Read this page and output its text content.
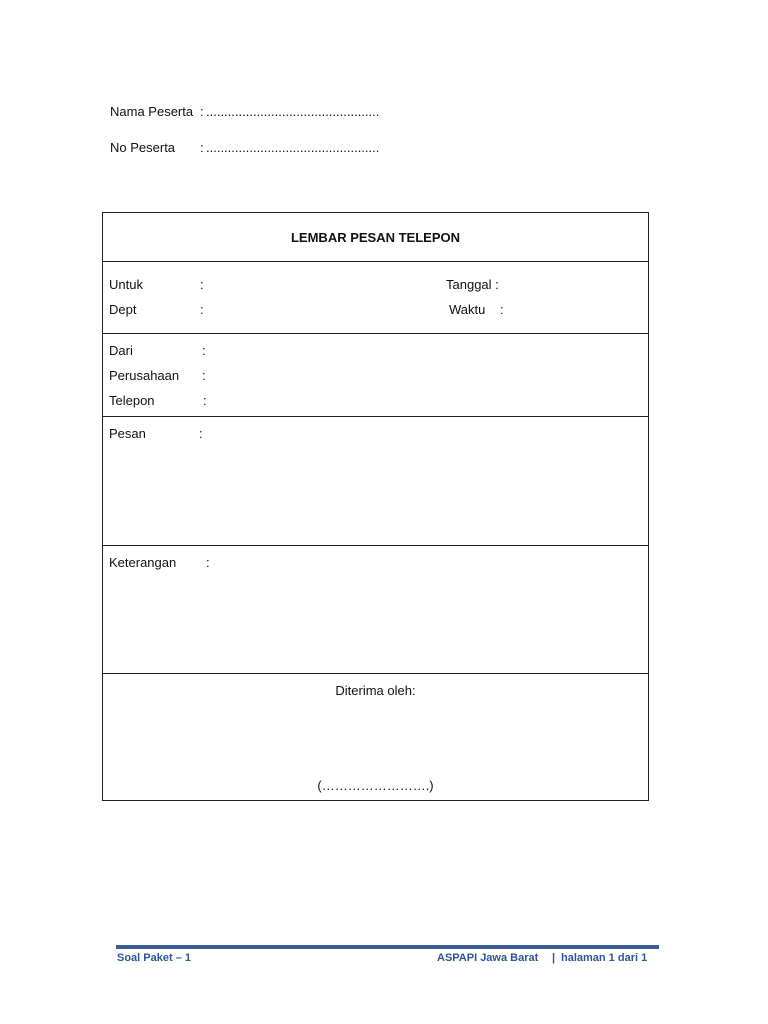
Nama Peserta : ................................................
No Peserta : ................................................
LEMBAR PESAN TELEPON
Untuk	:	Tanggal :
Dept	:	Waktu :
Dari	:
Perusahaan :
Telepon	:
Pesan	:
Keterangan :
Diterima oleh:
(…………………….)
Soal Paket – 1	ASPAPI Jawa Barat | halaman 1 dari 1
